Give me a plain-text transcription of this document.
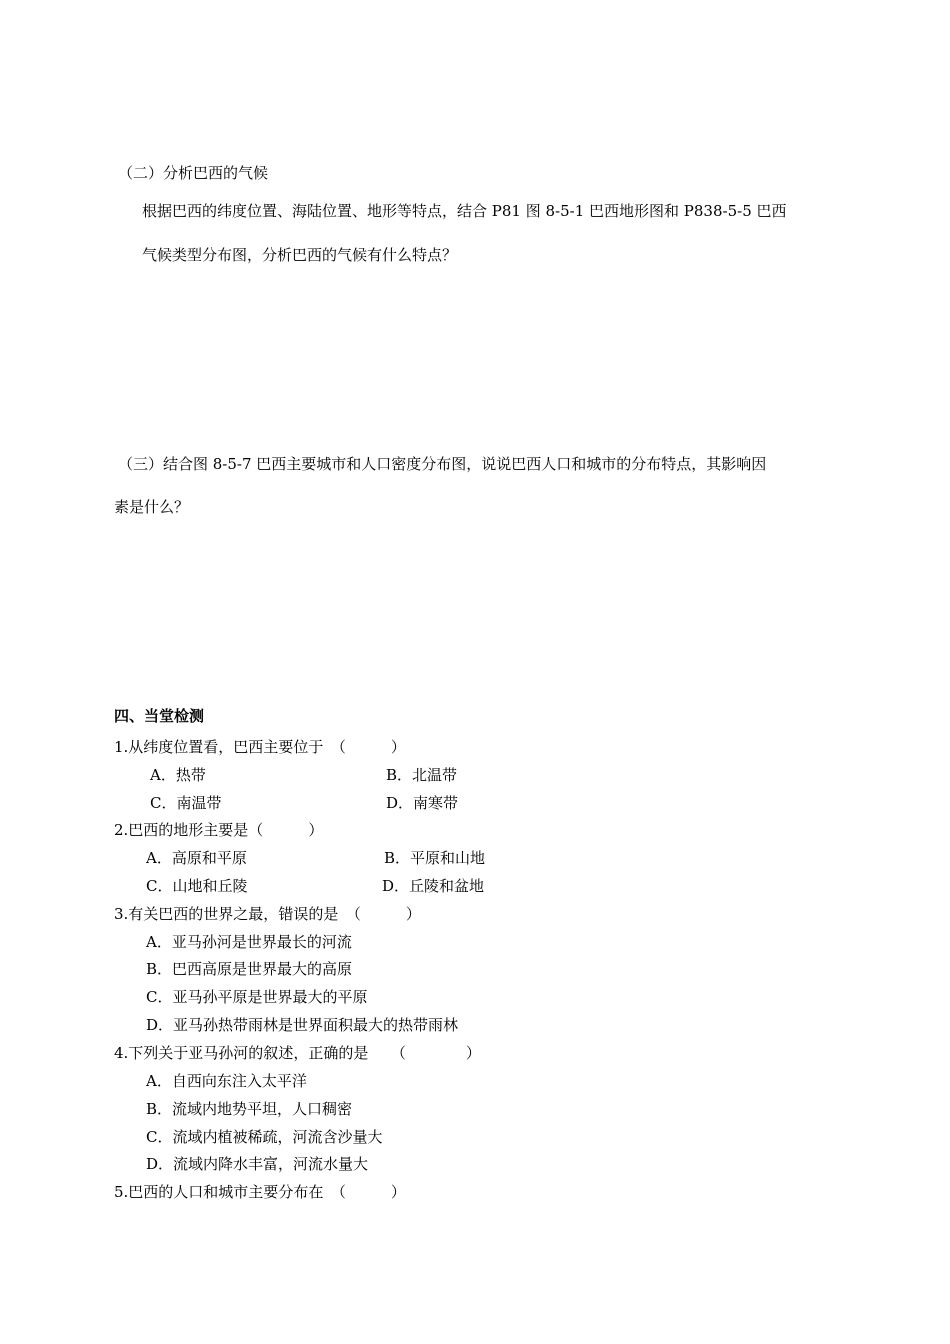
（二）分析巴西的气候
根据巴西的纬度位置、海陆位置、地形等特点，结合 P81 图 8-5-1 巴西地形图和 P838-5-5 巴西
气候类型分布图，分析巴西的气候有什么特点？
（三）结合图 8-5-7 巴西主要城市和人口密度分布图，说说巴西人口和城市的分布特点，其影响因
素是什么？
四、当堂检测
1.从纬度位置看，巴西主要位于　（　　　）
A．热带	B．北温带
C．南温带	D．南寒带
2.巴西的地形主要是（　　　）
A．高原和平原	B．平原和山地
C．山地和丘陵	D．丘陵和盆地
3.有关巴西的世界之最，错误的是　（　　　）
A．亚马孙河是世界最长的河流
B．巴西高原是世界最大的高原
C．亚马孙平原是世界最大的平原
D．亚马孙热带雨林是世界面积最大的热带雨林
4.下列关于亚马孙河的叙述，正确的是　　（　　　　）
A．自西向东注入太平洋
B．流域内地势平坦，人口稠密
C．流域内植被稀疏，河流含沙量大
D．流域内降水丰富，河流水量大
5.巴西的人口和城市主要分布在　（　　　）
